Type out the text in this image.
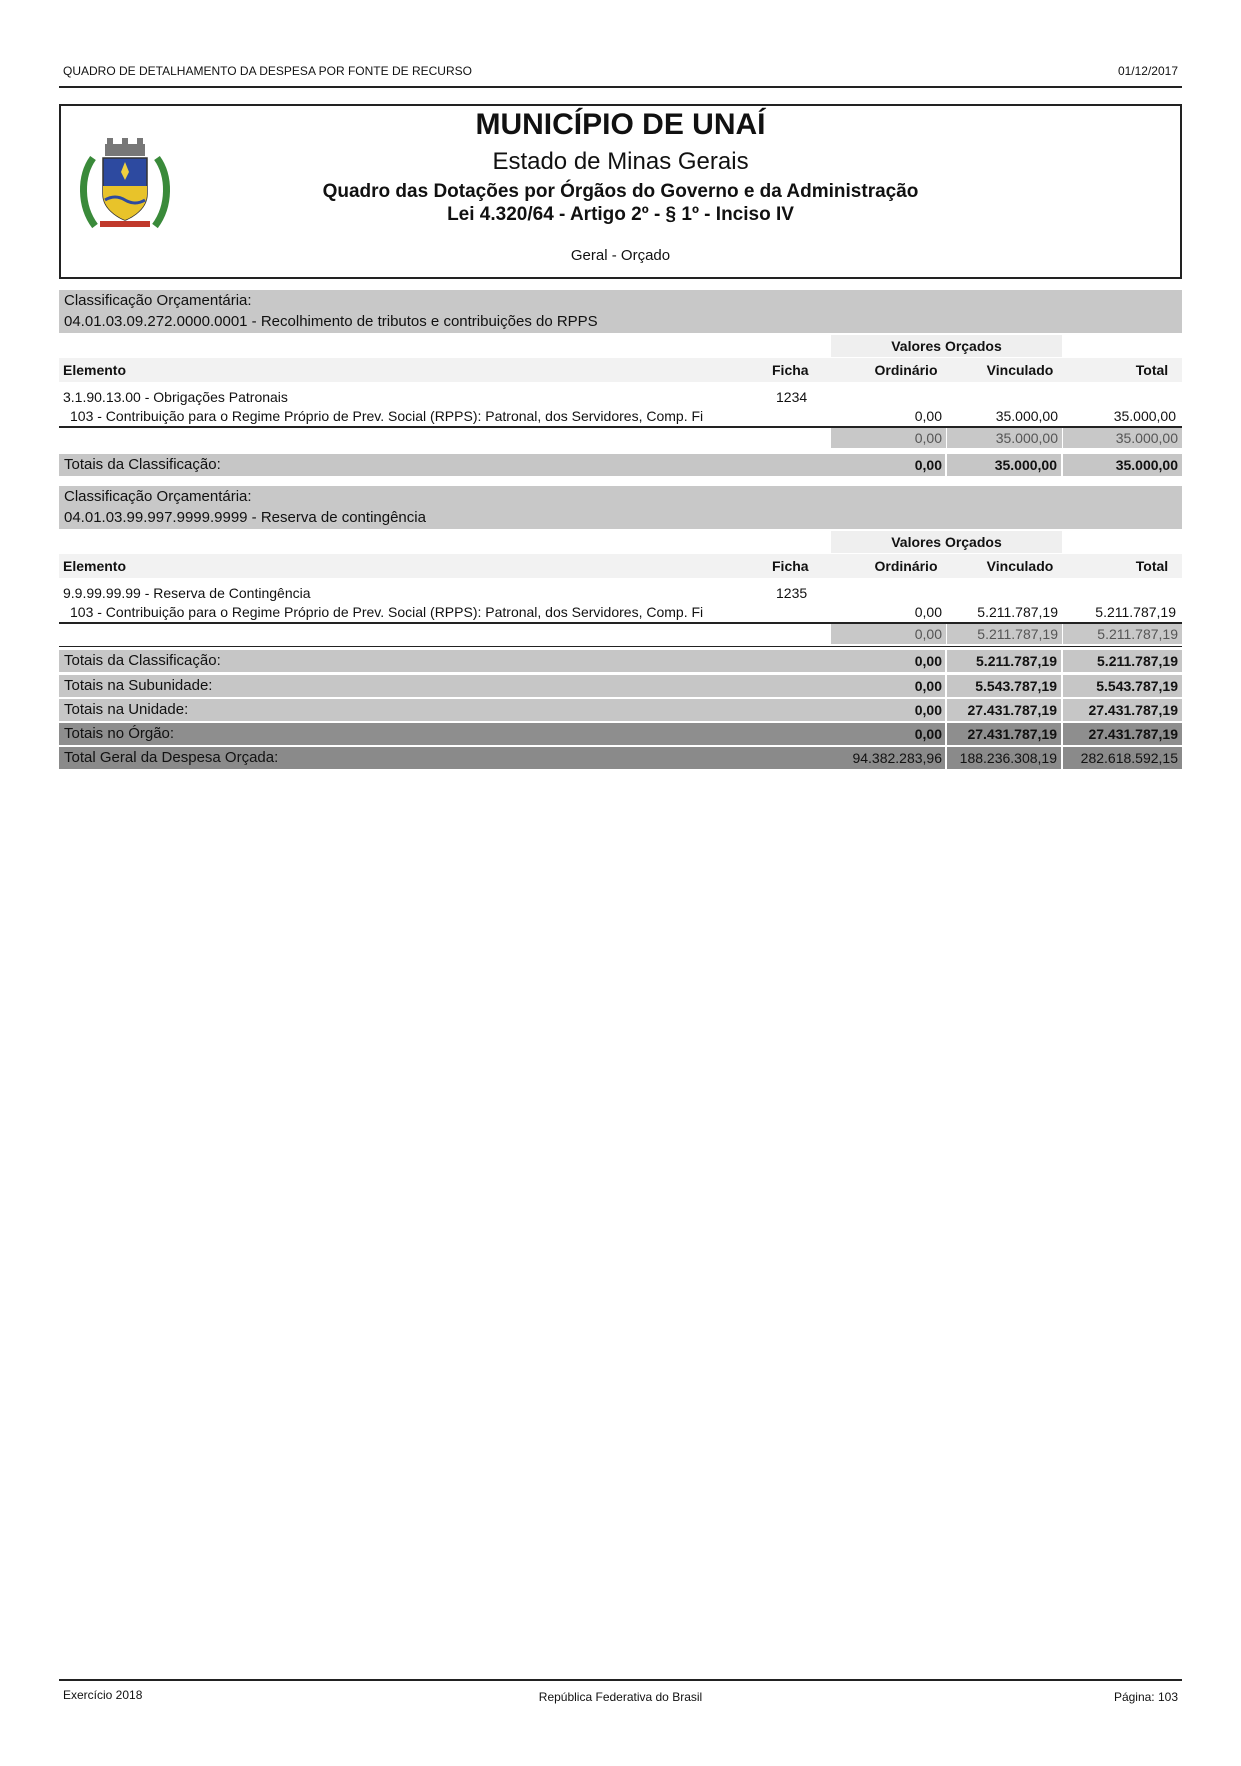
QUADRO DE DETALHAMENTO DA DESPESA POR FONTE DE RECURSO	01/12/2017
MUNICÍPIO DE UNAÍ
Estado de Minas Gerais
Quadro das Dotações por Órgãos do Governo e da Administração
Lei 4.320/64 - Artigo 2º - § 1º - Inciso IV
Geral - Orçado
Classificação Orçamentária:
04.01.03.09.272.0000.0001 - Recolhimento de tributos e contribuições do RPPS
Valores Orçados
Elemento	Ficha	Ordinário	Vinculado	Total
3.1.90.13.00 - Obrigações Patronais	1234
103 - Contribuição para o Regime Próprio de Prev. Social (RPPS): Patronal, dos Servidores, Comp. Fi	0,00	35.000,00	35.000,00
0,00	35.000,00	35.000,00
Totais da Classificação:	0,00	35.000,00	35.000,00
Classificação Orçamentária:
04.01.03.99.997.9999.9999 - Reserva de contingência
Valores Orçados
Elemento	Ficha	Ordinário	Vinculado	Total
9.9.99.99.99 - Reserva de Contingência	1235
103 - Contribuição para o Regime Próprio de Prev. Social (RPPS): Patronal, dos Servidores, Comp. Fi	0,00	5.211.787,19	5.211.787,19
0,00	5.211.787,19	5.211.787,19
Totais da Classificação:	0,00	5.211.787,19	5.211.787,19
Totais na Subunidade:	0,00	5.543.787,19	5.543.787,19
Totais na Unidade:	0,00	27.431.787,19	27.431.787,19
Totais no Órgão:	0,00	27.431.787,19	27.431.787,19
Total Geral da Despesa Orçada:	94.382.283,96	188.236.308,19	282.618.592,15
Exercício 2018	República Federativa do Brasil	Página: 103
